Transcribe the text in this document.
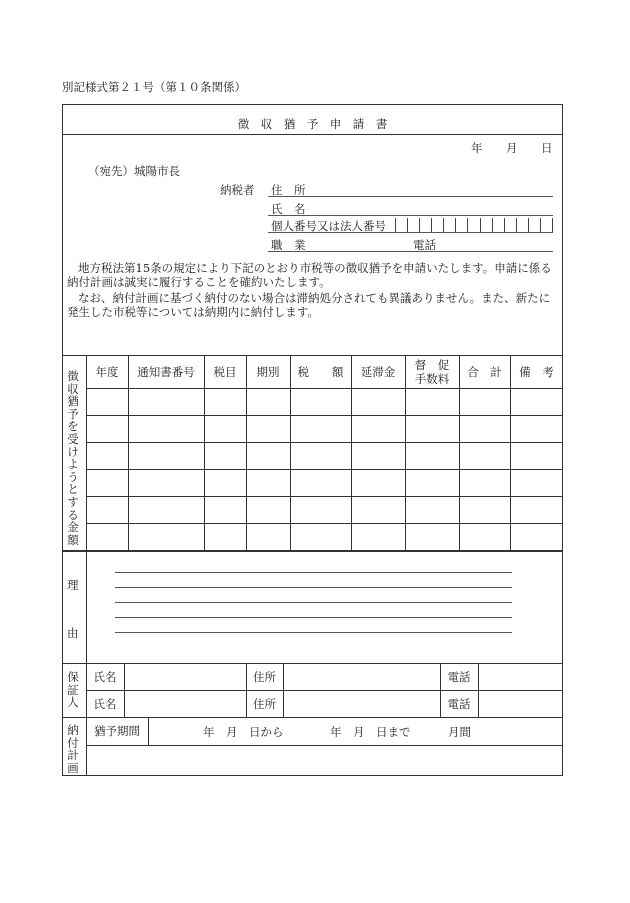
別記様式第２１号（第１０条関係）
徴　収　猶　予　申　請　書
年 月 日
（宛先）城陽市長
納税者 住　所
氏　名
個人番号又は法人番号
職　業	電話
地方税法第15条の規定により下記のとおり市税等の徴収猶予を申請いたします。申請に係る
納付計画は誠実に履行することを確約いたします。
なお、納付計画に基づく納付のない場合は滞納処分されても異議ありません。また、新たに
発生した市税等については納期内に納付します。
徴
収
猶
予
を
受
け
よ
う
と
す
る
金
額
年度	通知書番号	税目	期別	税　　額	延滞金	督　促
手数料	合　計	備　考
理
由
保
証
人
氏名	住所	電話
氏名	住所	電話
納
付
計
画
猶予期間	年　月　日から	年　月　日まで	月間
